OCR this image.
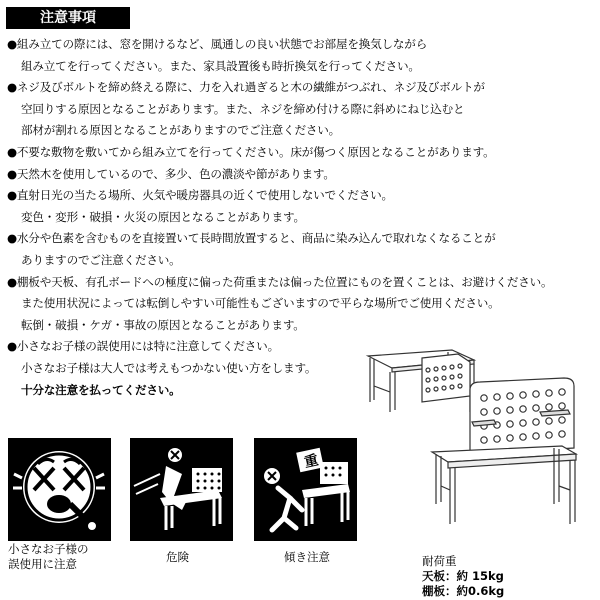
注意事項
●組み立ての際には、窓を開けるなど、風通しの良い状態でお部屋を換気しながら
組み立てを行ってください。また、家具設置後も時折換気を行ってください。
●ネジ及びボルトを締め終える際に、力を入れ過ぎると木の繊維がつぶれ、ネジ及びボルトが
空回りする原因となることがあります。また、ネジを締め付ける際に斜めにねじ込むと
部材が割れる原因となることがありますのでご注意ください。
●不要な敷物を敷いてから組み立てを行ってください。床が傷つく原因となることがあります。
●天然木を使用しているので、多少、色の濃淡や節があります。
●直射日光の当たる場所、火気や暖房器具の近くで使用しないでください。
変色・変形・破損・火災の原因となることがあります。
●水分や色素を含むものを直接置いて長時間放置すると、商品に染み込んで取れなくなることが
ありますのでご注意ください。
●棚板や天板、有孔ボードへの極度に偏った荷重または偏った位置にものを置くことは、お避けください。
また使用状況によっては転倒しやすい可能性もございますので平らな場所でご使用ください。
転倒・破損・ケガ・事故の原因となることがあります。
●小さなお子様の誤使用には特に注意してください。
小さなお子様は大人では考えもつかない使い方をします。
十分な注意を払ってください。
小さなお子様の
誤使用に注意	危険
重
傾き注意	耐荷重
天板：約 15kg
棚板：約0.6kg
